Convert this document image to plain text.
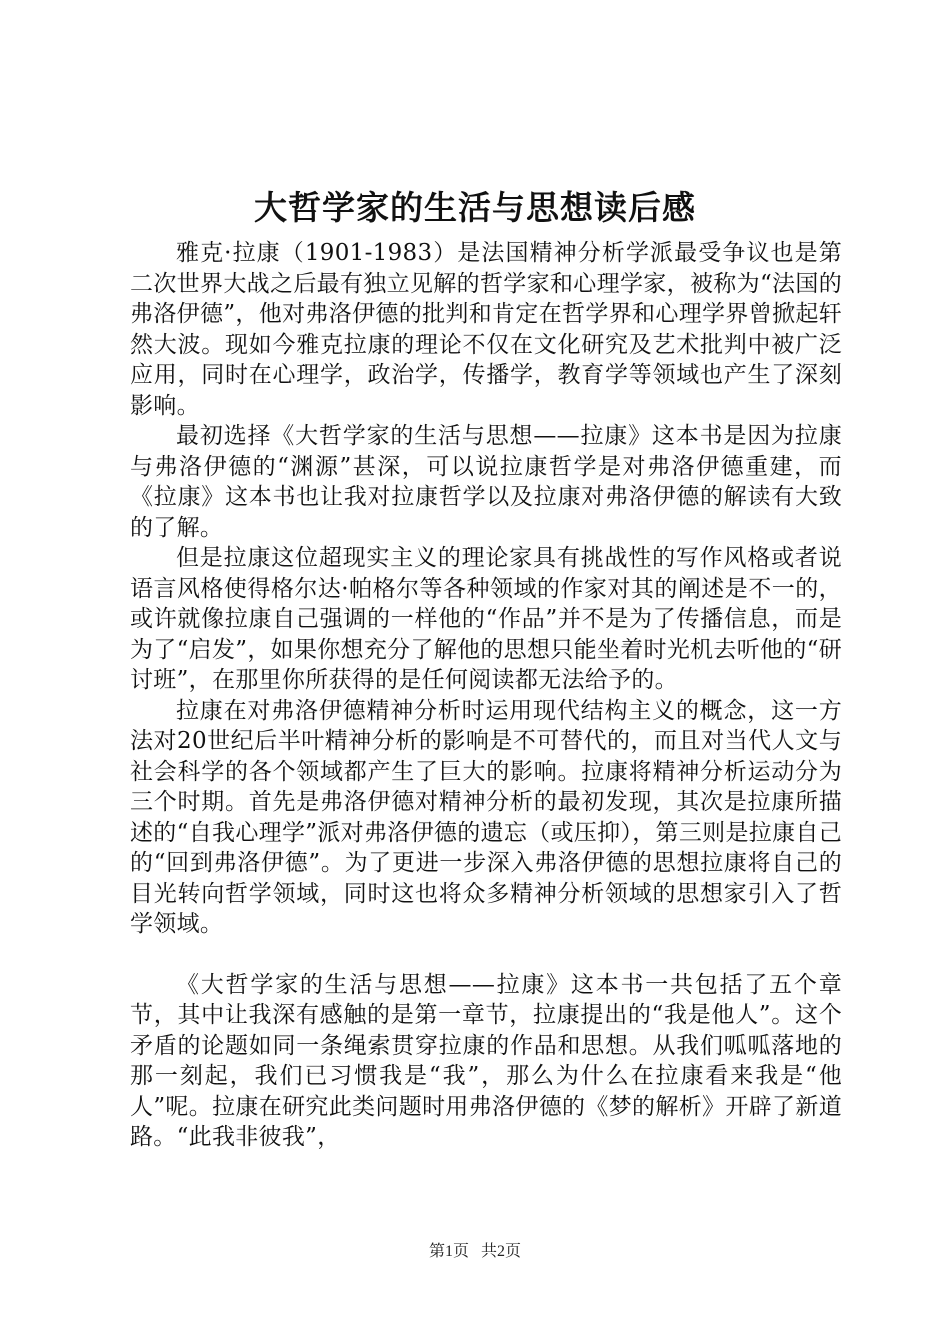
大哲学家的生活与思想读后感

雅克·拉康（1901-1983）是法国精神分析学派最受争议也是第二次世界大战之后最有独立见解的哲学家和心理学家，被称为“法国的弗洛伊德”，他对弗洛伊德的批判和肯定在哲学界和心理学界曾掀起轩然大波。现如今雅克拉康的理论不仅在文化研究及艺术批判中被广泛应用，同时在心理学，政治学，传播学，教育学等领域也产生了深刻影响。

最初选择《大哲学家的生活与思想——拉康》这本书是因为拉康与弗洛伊德的“渊源”甚深，可以说拉康哲学是对弗洛伊德重建，而《拉康》这本书也让我对拉康哲学以及拉康对弗洛伊德的解读有大致的了解。

但是拉康这位超现实主义的理论家具有挑战性的写作风格或者说语言风格使得格尔达·帕格尔等各种领域的作家对其的阐述是不一的，或许就像拉康自己强调的一样他的“作品”并不是为了传播信息，而是为了“启发”，如果你想充分了解他的思想只能坐着时光机去听他的“研讨班”，在那里你所获得的是任何阅读都无法给予的。

拉康在对弗洛伊德精神分析时运用现代结构主义的概念，这一方法对20世纪后半叶精神分析的影响是不可替代的，而且对当代人文与社会科学的各个领域都产生了巨大的影响。拉康将精神分析运动分为三个时期。首先是弗洛伊德对精神分析的最初发现，其次是拉康所描述的“自我心理学”派对弗洛伊德的遗忘（或压抑），第三则是拉康自己的“回到弗洛伊德”。为了更进一步深入弗洛伊德的思想拉康将自己的目光转向哲学领域，同时这也将众多精神分析领域的思想家引入了哲学领域。

《大哲学家的生活与思想——拉康》这本书一共包括了五个章节，其中让我深有感触的是第一章节，拉康提出的“我是他人”。这个矛盾的论题如同一条绳索贯穿拉康的作品和思想。从我们呱呱落地的那一刻起，我们已习惯我是“我”，那么为什么在拉康看来我是“他人”呢。拉康在研究此类问题时用弗洛伊德的《梦的解析》开辟了新道路。“此我非彼我”，

第1页 共2页
